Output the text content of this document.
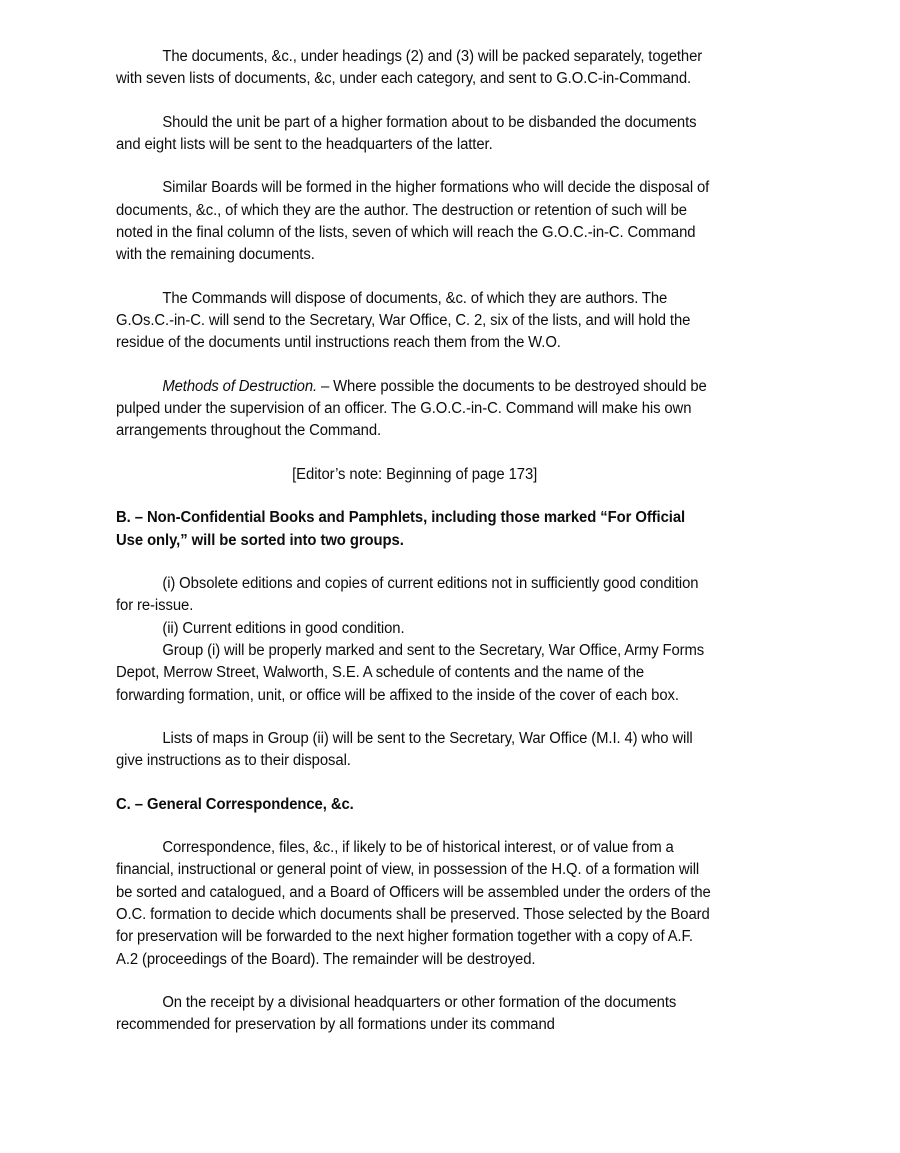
The documents, &c., under headings (2) and (3) will be packed separately, together with seven lists of documents, &c, under each category, and sent to G.O.C-in-Command.

Should the unit be part of a higher formation about to be disbanded the documents and eight lists will be sent to the headquarters of the latter.

Similar Boards will be formed in the higher formations who will decide the disposal of documents, &c., of which they are the author. The destruction or retention of such will be noted in the final column of the lists, seven of which will reach the G.O.C.-in-C. Command with the remaining documents.

The Commands will dispose of documents, &c. of which they are authors. The G.Os.C.-in-C. will send to the Secretary, War Office, C. 2, six of the lists, and will hold the residue of the documents until instructions reach them from the W.O.

Methods of Destruction. – Where possible the documents to be destroyed should be pulped under the supervision of an officer. The G.O.C.-in-C. Command will make his own arrangements throughout the Command.

[Editor’s note: Beginning of page 173]

B. – Non-Confidential Books and Pamphlets, including those marked “For Official Use only,” will be sorted into two groups.

(i) Obsolete editions and copies of current editions not in sufficiently good condition for re-issue.

(ii) Current editions in good condition.

Group (i) will be properly marked and sent to the Secretary, War Office, Army Forms Depot, Merrow Street, Walworth, S.E. A schedule of contents and the name of the forwarding formation, unit, or office will be affixed to the inside of the cover of each box.

Lists of maps in Group (ii) will be sent to the Secretary, War Office (M.I. 4) who will give instructions as to their disposal.

C. – General Correspondence, &c.

Correspondence, files, &c., if likely to be of historical interest, or of value from a financial, instructional or general point of view, in possession of the H.Q. of a formation will be sorted and catalogued, and a Board of Officers will be assembled under the orders of the O.C. formation to decide which documents shall be preserved. Those selected by the Board for preservation will be forwarded to the next higher formation together with a copy of A.F. A.2 (proceedings of the Board). The remainder will be destroyed.

On the receipt by a divisional headquarters or other formation of the documents recommended for preservation by all formations under its command
